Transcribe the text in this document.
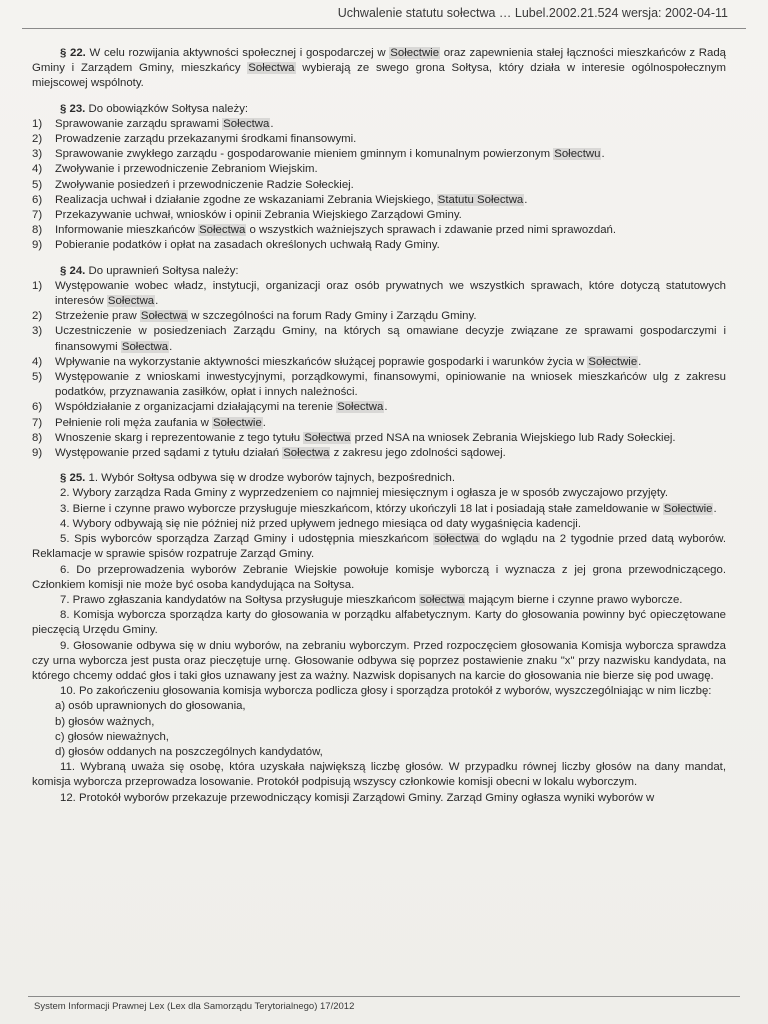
Uchwalenie statutu sołectwa … Lubel.2002.21.524 wersja: 2002-04-11

§ 22. W celu rozwijania aktywności społecznej i gospodarczej w Sołectwie oraz zapewnienia stałej łączności mieszkańców z Radą Gminy i Zarządem Gminy, mieszkańcy Sołectwa wybierają ze swego grona Sołtysa, który działa w interesie ogólnospołecznym miejscowej wspólnoty.

§ 23. Do obowiązków Sołtysa należy:

1)	Sprawowanie zarządu sprawami Sołectwa.
2)	Prowadzenie zarządu przekazanymi środkami finansowymi.
3)	Sprawowanie zwykłego zarządu - gospodarowanie mieniem gminnym i komunalnym powierzonym Sołectwu.
4)	Zwoływanie i przewodniczenie Zebraniom Wiejskim.
5)	Zwoływanie posiedzeń i przewodniczenie Radzie Sołeckiej.
6)	Realizacja uchwał i działanie zgodne ze wskazaniami Zebrania Wiejskiego, Statutu Sołectwa.
7)	Przekazywanie uchwał, wniosków i opinii Zebrania Wiejskiego Zarządowi Gminy.
8)	Informowanie mieszkańców Sołectwa o wszystkich ważniejszych sprawach i zdawanie przed nimi sprawozdań.
9)	Pobieranie podatków i opłat na zasadach określonych uchwałą Rady Gminy.

§ 24. Do uprawnień Sołtysa należy:

1)	Występowanie wobec władz, instytucji, organizacji oraz osób prywatnych we wszystkich sprawach, które dotyczą statutowych interesów Sołectwa.
2)	Strzeżenie praw Sołectwa w szczególności na forum Rady Gminy i Zarządu Gminy.
3)	Uczestniczenie w posiedzeniach Zarządu Gminy, na których są omawiane decyzje związane ze sprawami gospodarczymi i finansowymi Sołectwa.
4)	Wpływanie na wykorzystanie aktywności mieszkańców służącej poprawie gospodarki i warunków życia w Sołectwie.
5)	Występowanie z wnioskami inwestycyjnymi, porządkowymi, finansowymi, opiniowanie na wniosek mieszkańców ulg z zakresu podatków, przyznawania zasiłków, opłat i innych należności.
6)	Współdziałanie z organizacjami działającymi na terenie Sołectwa.
7)	Pełnienie roli męża zaufania w Sołectwie.
8)	Wnoszenie skarg i reprezentowanie z tego tytułu Sołectwa przed NSA na wniosek Zebrania Wiejskiego lub Rady Sołeckiej.
9)	Występowanie przed sądami z tytułu działań Sołectwa z zakresu jego zdolności sądowej.

§ 25. 1. Wybór Sołtysa odbywa się w drodze wyborów tajnych, bezpośrednich.

2. Wybory zarządza Rada Gminy z wyprzedzeniem co najmniej miesięcznym i ogłasza je w sposób zwyczajowo przyjęty.

3. Bierne i czynne prawo wyborcze przysługuje mieszkańcom, którzy ukończyli 18 lat i posiadają stałe zameldowanie w Sołectwie.

4. Wybory odbywają się nie później niż przed upływem jednego miesiąca od daty wygaśnięcia kadencji.

5. Spis wyborców sporządza Zarząd Gminy i udostępnia mieszkańcom sołectwa do wglądu na 2 tygodnie przed datą wyborów. Reklamacje w sprawie spisów rozpatruje Zarząd Gminy.

6. Do przeprowadzenia wyborów Zebranie Wiejskie powołuje komisje wyborczą i wyznacza z jej grona przewodniczącego. Członkiem komisji nie może być osoba kandydująca na Sołtysa.

7. Prawo zgłaszania kandydatów na Sołtysa przysługuje mieszkańcom sołectwa mającym bierne i czynne prawo wyborcze.

8. Komisja wyborcza sporządza karty do głosowania w porządku alfabetycznym. Karty do głosowania powinny być opieczętowane pieczęcią Urzędu Gminy.

9. Głosowanie odbywa się w dniu wyborów, na zebraniu wyborczym. Przed rozpoczęciem głosowania Komisja wyborcza sprawdza czy urna wyborcza jest pusta oraz pieczętuje urnę. Głosowanie odbywa się poprzez postawienie znaku "x" przy nazwisku kandydata, na którego chcemy oddać głos i taki głos uznawany jest za ważny. Nazwisk dopisanych na karcie do głosowania nie bierze się pod uwagę.

10. Po zakończeniu głosowania komisja wyborcza podlicza głosy i sporządza protokół z wyborów, wyszczególniając w nim liczbę:

a) osób uprawnionych do głosowania,
b) głosów ważnych,
c) głosów nieważnych,
d) głosów oddanych na poszczególnych kandydatów,

11. Wybraną uważa się osobę, która uzyskała największą liczbę głosów. W przypadku równej liczby głosów na dany mandat, komisja wyborcza przeprowadza losowanie. Protokół podpisują wszyscy członkowie komisji obecni w lokalu wyborczym.

12. Protokół wyborów przekazuje przewodniczący komisji Zarządowi Gminy. Zarząd Gminy ogłasza wyniki wyborów w

System Informacji Prawnej Lex (Lex dla Samorządu Terytorialnego) 17/2012
